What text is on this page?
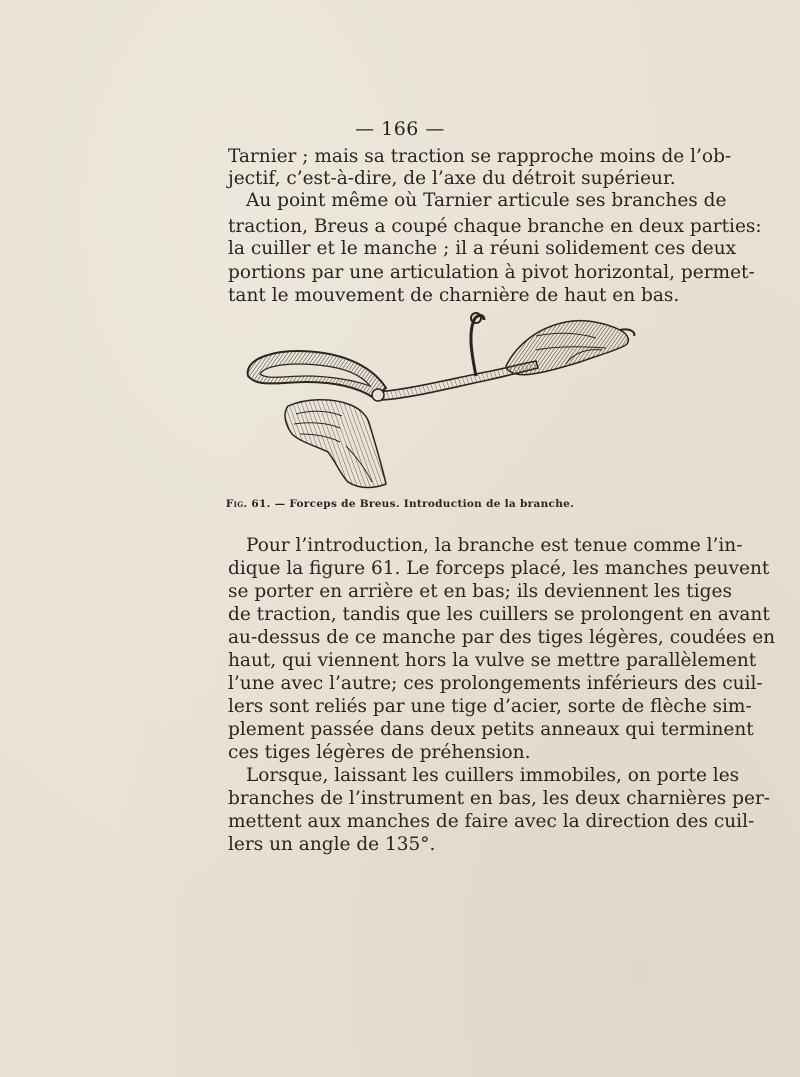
— 166 —
Tarnier ; mais sa traction se rapproche moins de l’ob-
jectif, c’est-à-dire, de l’axe du détroit supérieur.
Au point même où Tarnier articule ses branches de
traction, Breus a coupé chaque branche en deux parties:
la cuiller et le manche ; il a réuni solidement ces deux
portions par une articulation à pivot horizontal, permet-
tant le mouvement de charnière de haut en bas.
Fig. 61. — Forceps de Breus. Introduction de la branche.
Pour l’introduction, la branche est tenue comme l’in-
dique la figure 61. Le forceps placé, les manches peuvent
se porter en arrière et en bas; ils deviennent les tiges
de traction, tandis que les cuillers se prolongent en avant
au-dessus de ce manche par des tiges légères, coudées en
haut, qui viennent hors la vulve se mettre parallèlement
l’une avec l’autre; ces prolongements inférieurs des cuil-
lers sont reliés par une tige d’acier, sorte de flèche sim-
plement passée dans deux petits anneaux qui terminent
ces tiges légères de préhension.
Lorsque, laissant les cuillers immobiles, on porte les
branches de l’instrument en bas, les deux charnières per-
mettent aux manches de faire avec la direction des cuil-
lers un angle de 135°.
